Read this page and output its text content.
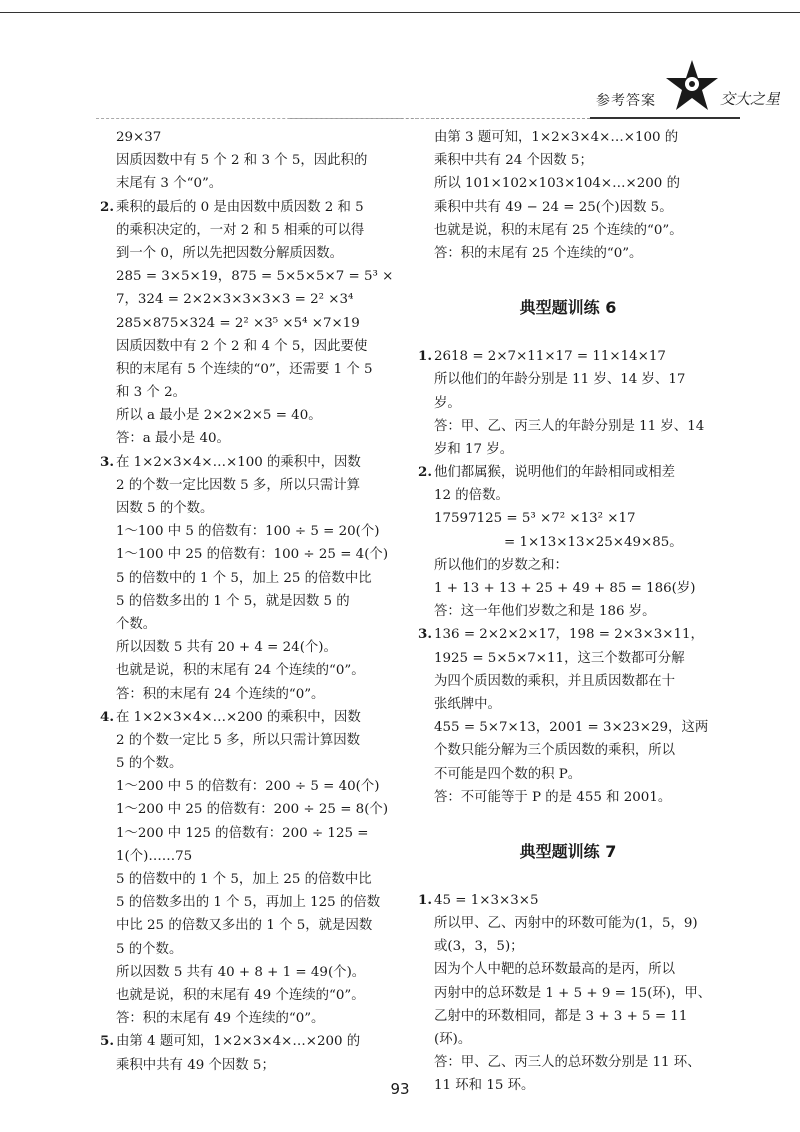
参考答案	交大之星
29×37
因质因数中有 5 个 2 和 3 个 5，因此积的
末尾有 3 个“0”。
2. 乘积的最后的 0 是由因数中质因数 2 和 5
的乘积决定的，一对 2 和 5 相乘的可以得
到一个 0，所以先把因数分解质因数。
285 = 3×5×19，875 = 5×5×5×7 = 5³ ×
7，324 = 2×2×3×3×3×3 = 2² ×3⁴
285×875×324 = 2² ×3⁵ ×5⁴ ×7×19
因质因数中有 2 个 2 和 4 个 5，因此要使
积的末尾有 5 个连续的“0”，还需要 1 个 5
和 3 个 2。
所以 a 最小是 2×2×2×5 = 40。
答：a 最小是 40。
3. 在 1×2×3×4×…×100 的乘积中，因数
2 的个数一定比因数 5 多，所以只需计算
因数 5 的个数。
1～100 中 5 的倍数有：100 ÷ 5 = 20(个)
1～100 中 25 的倍数有：100 ÷ 25 = 4(个)
5 的倍数中的 1 个 5，加上 25 的倍数中比
5 的倍数多出的 1 个 5，就是因数 5 的
个数。
所以因数 5 共有 20 + 4 = 24(个)。
也就是说，积的末尾有 24 个连续的“0”。
答：积的末尾有 24 个连续的“0”。
4. 在 1×2×3×4×…×200 的乘积中，因数
2 的个数一定比 5 多，所以只需计算因数
5 的个数。
1～200 中 5 的倍数有：200 ÷ 5 = 40(个)
1～200 中 25 的倍数有：200 ÷ 25 = 8(个)
1～200 中 125 的倍数有：200 ÷ 125 =
1(个)……75
5 的倍数中的 1 个 5，加上 25 的倍数中比
5 的倍数多出的 1 个 5，再加上 125 的倍数
中比 25 的倍数又多出的 1 个 5，就是因数
5 的个数。
所以因数 5 共有 40 + 8 + 1 = 49(个)。
也就是说，积的末尾有 49 个连续的“0”。
答：积的末尾有 49 个连续的“0”。
5. 由第 4 题可知，1×2×3×4×…×200 的
乘积中共有 49 个因数 5；
由第 3 题可知，1×2×3×4×…×100 的
乘积中共有 24 个因数 5；
所以 101×102×103×104×…×200 的
乘积中共有 49 − 24 = 25(个)因数 5。
也就是说，积的末尾有 25 个连续的“0”。
答：积的末尾有 25 个连续的“0”。
典型题训练 6
1. 2618 = 2×7×11×17 = 11×14×17
所以他们的年龄分别是 11 岁、14 岁、17
岁。
答：甲、乙、丙三人的年龄分别是 11 岁、14
岁和 17 岁。
2. 他们都属猴，说明他们的年龄相同或相差
12 的倍数。
17597125 = 5³ ×7² ×13² ×17
= 1×13×13×25×49×85。
所以他们的岁数之和：
1 + 13 + 13 + 25 + 49 + 85 = 186(岁)
答：这一年他们岁数之和是 186 岁。
3. 136 = 2×2×2×17，198 = 2×3×3×11，
1925 = 5×5×7×11，这三个数都可分解
为四个质因数的乘积，并且质因数都在十
张纸牌中。
455 = 5×7×13，2001 = 3×23×29，这两
个数只能分解为三个质因数的乘积，所以
不可能是四个数的积 P。
答：不可能等于 P 的是 455 和 2001。
典型题训练 7
1. 45 = 1×3×3×5
所以甲、乙、丙射中的环数可能为(1，5，9)
或(3，3，5)；
因为个人中靶的总环数最高的是丙，所以
丙射中的总环数是 1 + 5 + 9 = 15(环)，甲、
乙射中的环数相同，都是 3 + 3 + 5 = 11
(环)。
答：甲、乙、丙三人的总环数分别是 11 环、
11 环和 15 环。
93
